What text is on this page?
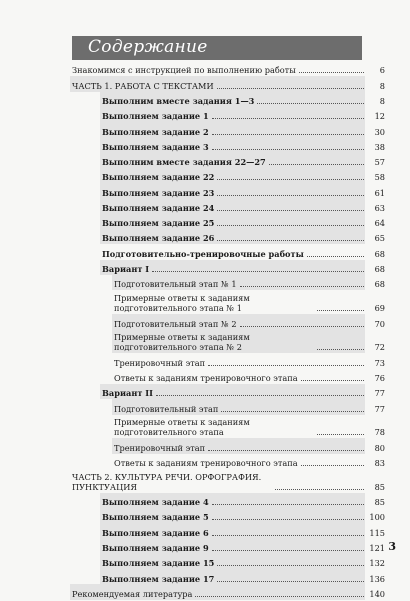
Содержание
Знакомимся с инструкцией по выполнению работы	6
ЧАСТЬ 1. РАБОТА С ТЕКСТАМИ	8
Выполним вместе задания 1—3	8
Выполняем задание 1	12
Выполняем задание 2	30
Выполняем задание 3	38
Выполним вместе задания 22—27	57
Выполняем задание 22	58
Выполняем задание 23	61
Выполняем задание 24	63
Выполняем задание 25	64
Выполняем задание 26	65
Подготовительно-тренировочные работы	68
Вариант I	68
Подготовительный этап № 1	68
Примерные ответы к заданиям подготовительного этапа № 1	69
Подготовительный этап № 2	70
Примерные ответы к заданиям подготовительного этапа № 2	72
Тренировочный этап	73
Ответы к заданиям тренировочного этапа	76
Вариант II	77
Подготовительный этап	77
Примерные ответы к заданиям подготовительного этапа	78
Тренировочный этап	80
Ответы к заданиям тренировочного этапа	83
ЧАСТЬ 2. КУЛЬТУРА РЕЧИ. ОРФОГРАФИЯ. ПУНКТУАЦИЯ	85
Выполняем задание 4	85
Выполняем задание 5	100
Выполняем задание 6	115
Выполняем задание 9	121
Выполняем задание 15	132
Выполняем задание 17	136
Рекомендуемая литература	140
3
